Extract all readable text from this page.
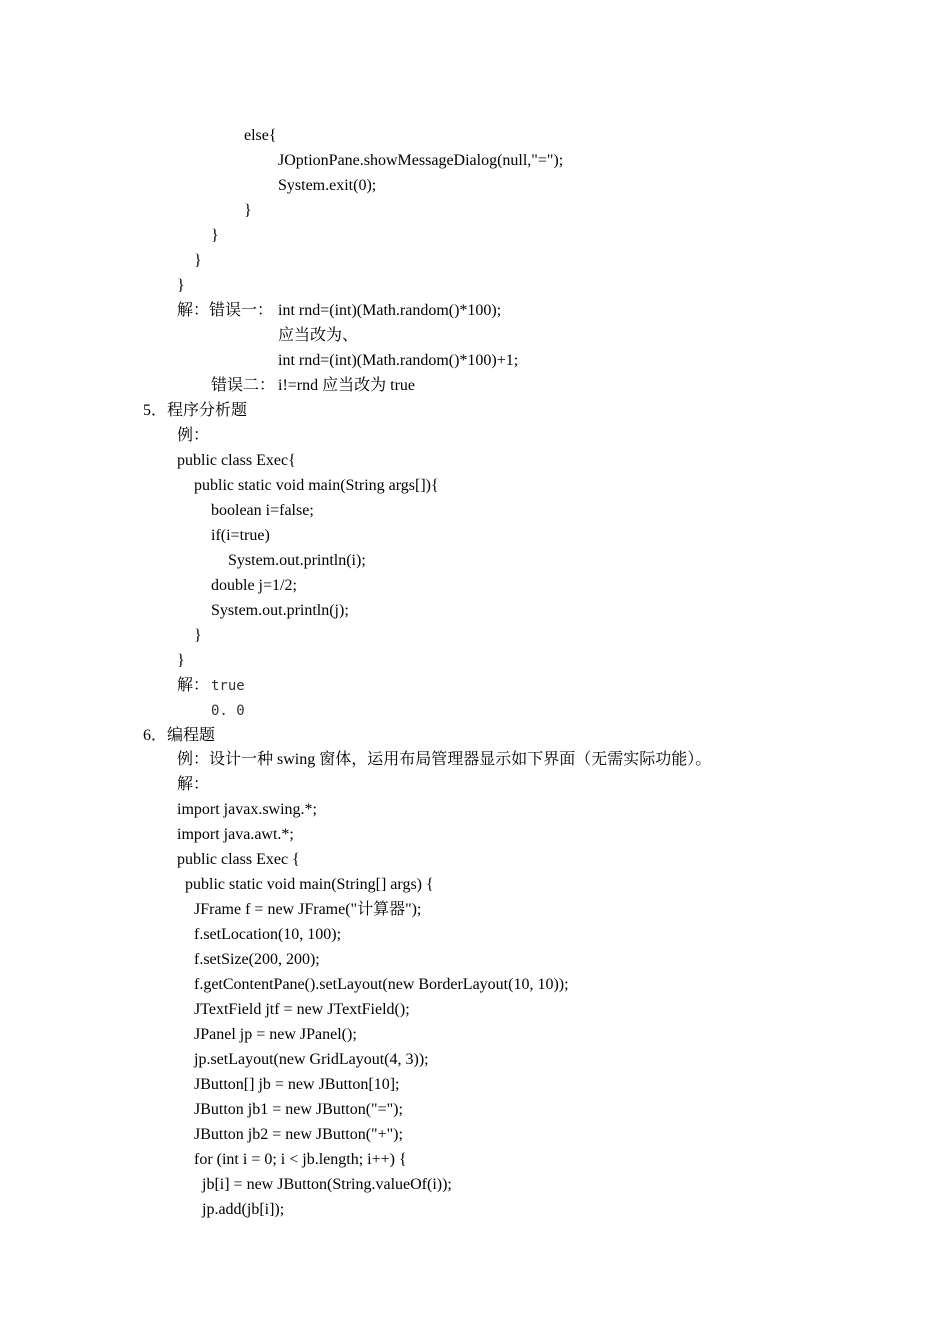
else{
JOptionPane.showMessageDialog(null,"=");
System.exit(0);
}
}
}
}
解：错误一： int rnd=(int)(Math.random()*100);
应当改为、
int rnd=(int)(Math.random()*100)+1;
错误二： i!=rnd 应当改为 true
5．程序分析题
例：
public class Exec{
public static void main(String args[]){
boolean i=false;
if(i=true)
System.out.println(i);
double j=1/2;
System.out.println(j);
}
}
解： true
0. 0
6．编程题
例：设计一种 swing 窗体，运用布局管理器显示如下界面（无需实际功能）。
解：
import javax.swing.*;
import java.awt.*;
public class Exec {
public static void main(String[] args) {
JFrame f = new JFrame("计算器");
f.setLocation(10, 100);
f.setSize(200, 200);
f.getContentPane().setLayout(new BorderLayout(10, 10));
JTextField jtf = new JTextField();
JPanel jp = new JPanel();
jp.setLayout(new GridLayout(4, 3));
JButton[] jb = new JButton[10];
JButton jb1 = new JButton("=");
JButton jb2 = new JButton("+");
for (int i = 0; i < jb.length; i++) {
jb[i] = new JButton(String.valueOf(i));
jp.add(jb[i]);
